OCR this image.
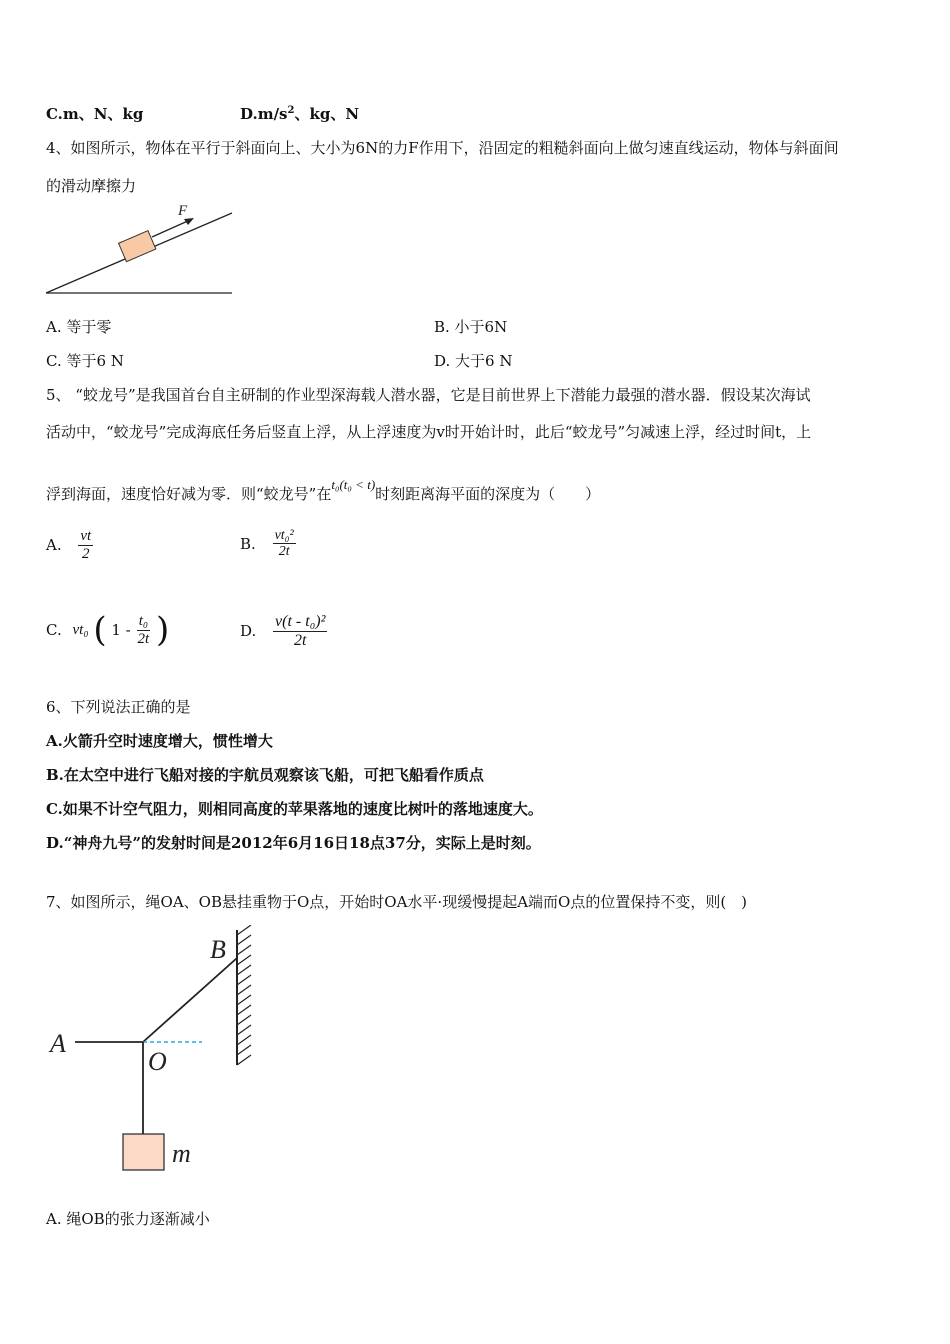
C.m、N、kg	$D.m/s^2$、kg、N
4、如图所示，物体在平行于斜面向上、大小为6N的力F作用下，沿固定的粗糙斜面向上做匀速直线运动，物体与斜面间
的滑动摩擦力
F
A. 等于零	B. 小于6N
C. 等于6 N	D. 大于6 N
5、 “蛟龙号”是我国首台自主研制的作业型深海载人潜水器，它是目前世界上下潜能力最强的潜水器．假设某次海试
活动中，“蛟龙号”完成海底任务后竖直上浮，从上浮速度为v时开始计时，此后“蛟龙号”匀减速上浮，经过时间t，上
浮到海面，速度恰好减为零．则“蛟龙号”在t₀(t₀ < t)时刻距离海平面的深度为（　　）
A. $\frac{vt}{2}$	B. $\frac{\text{vt₀²}}{2t}$
C. vt₀ ( $1 - \frac{\text{t₀}}{2t}$ )	D. $\frac{\text{v(t - t₀)²}}{2t}$
6、下列说法正确的是
A.火箭升空时速度增大，惯性增大
B.在太空中进行飞船对接的宇航员观察该飞船，可把飞船看作质点
C.如果不计空气阻力，则相同高度的苹果落地的速度比树叶的落地速度大。
D.“神舟九号”的发射时间是2012年6月16日18点37分，实际上是时刻。
7、如图所示，绳OA、OB悬挂重物于O点，开始时OA水平·现缓慢提起A端而O点的位置保持不变，则(　)
A
B
O
m
A. 绳OB的张力逐渐减小
